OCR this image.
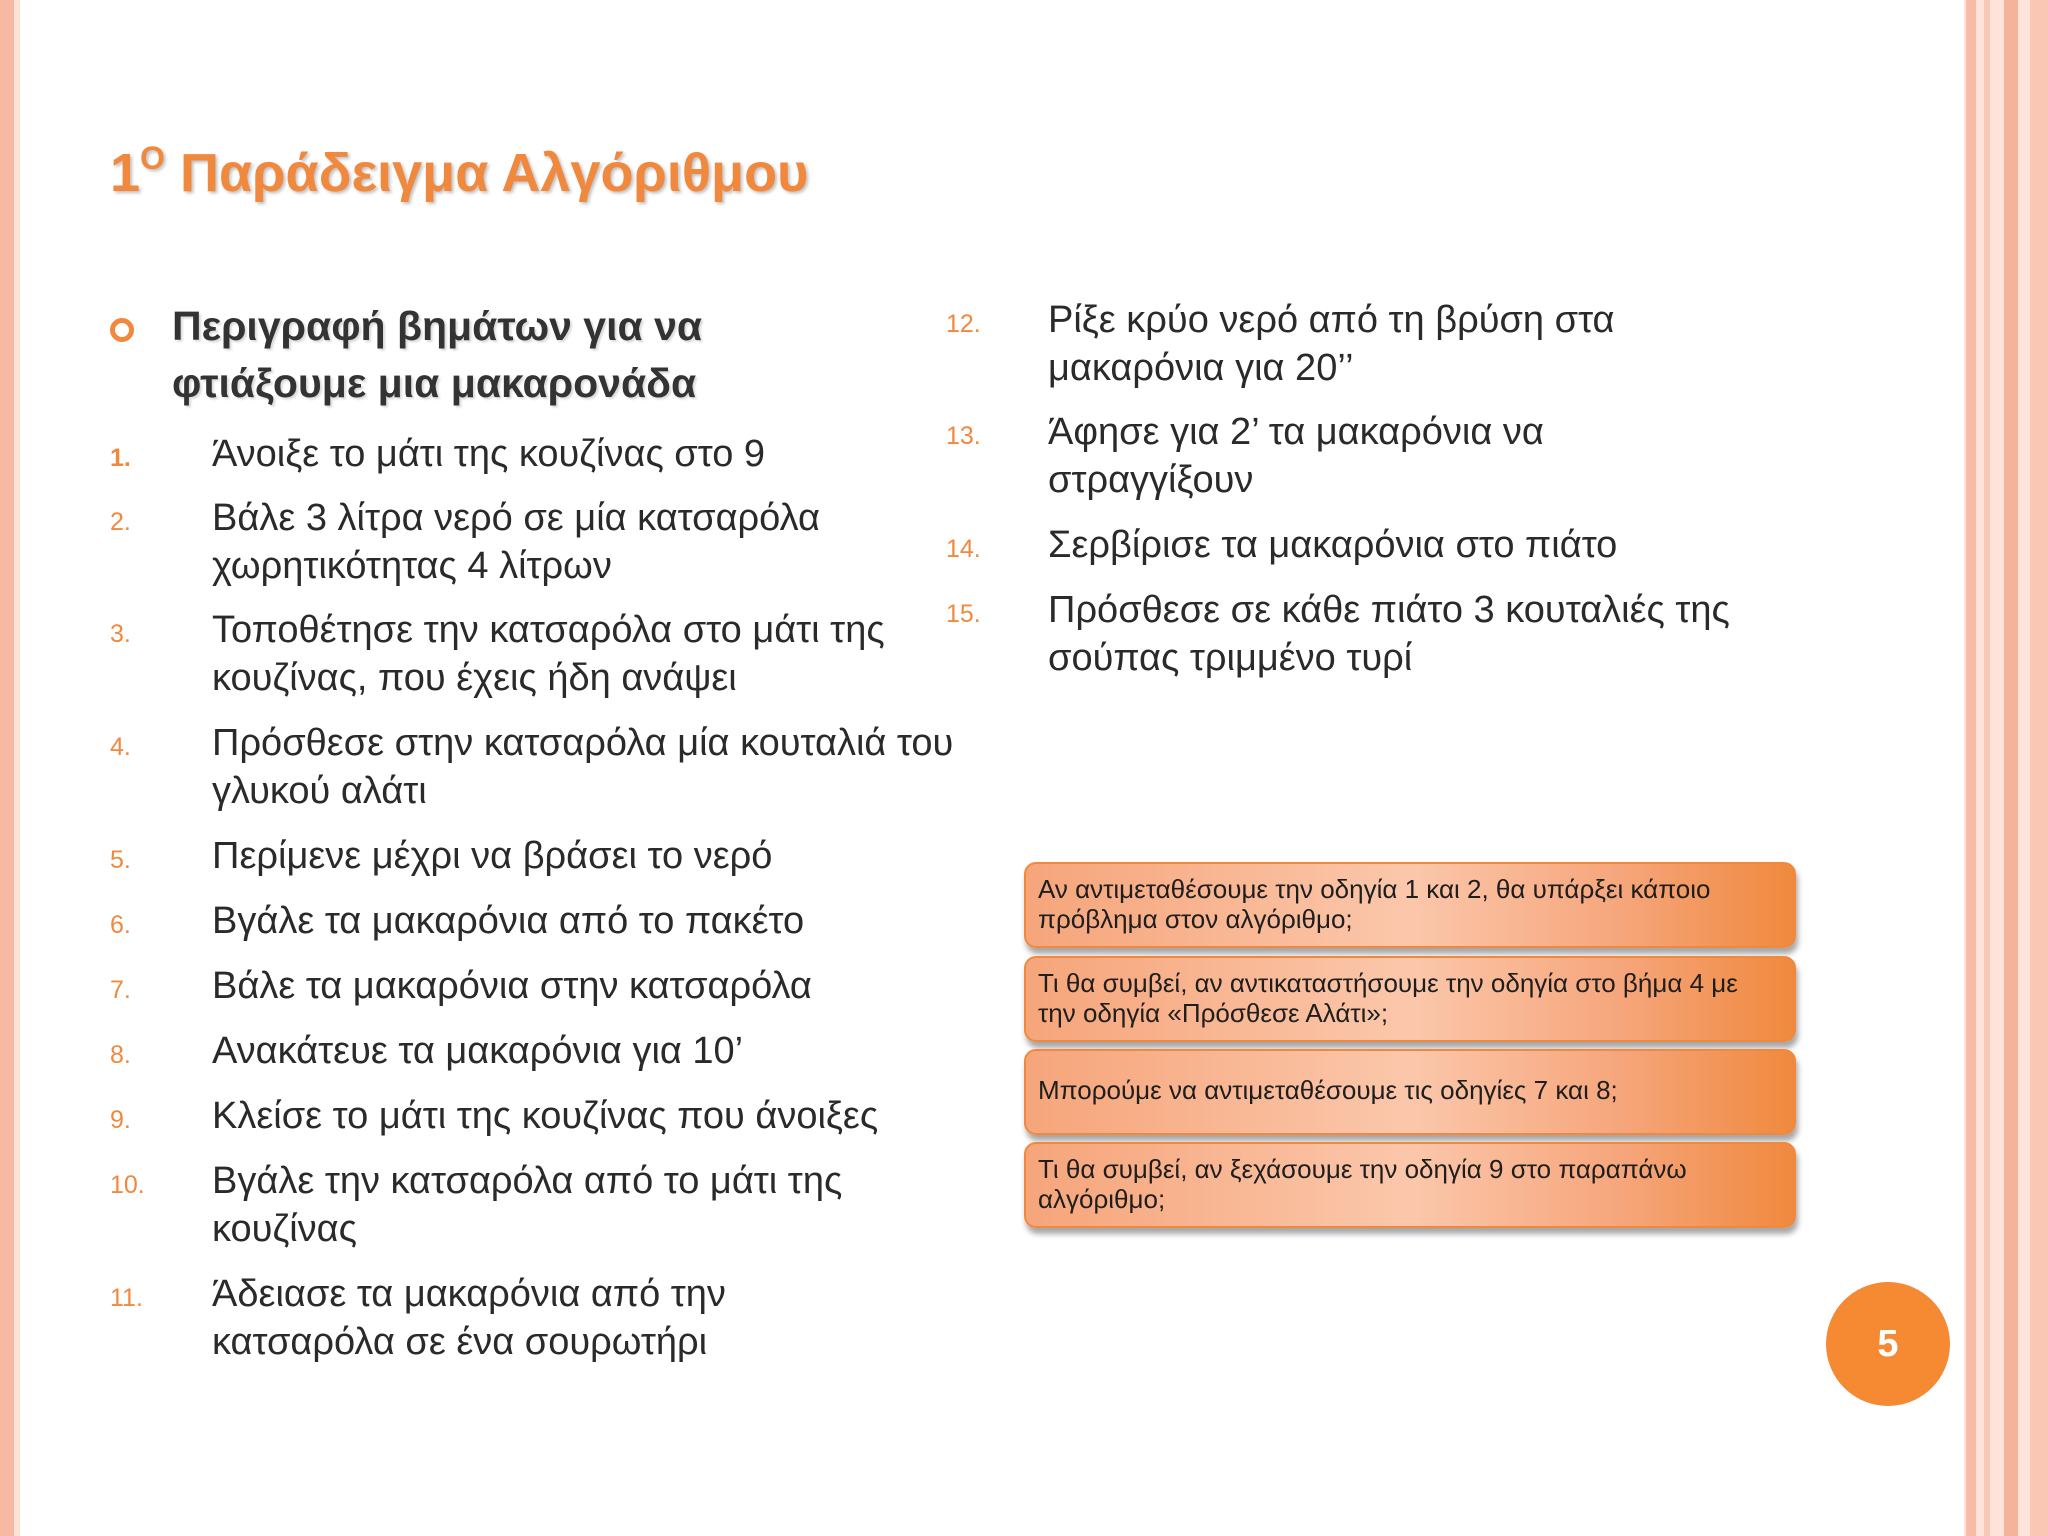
$1^O$ Παράδειγμα Αλγόριθμου
Περιγραφή βημάτων για να φτιάξουμε μια μακαρονάδα
1.	Άνοιξε το μάτι της κουζίνας στο 9
2.	Βάλε 3 λίτρα νερό σε μία κατσαρόλα χωρητικότητας 4 λίτρων
3.	Τοποθέτησε την κατσαρόλα στο μάτι της κουζίνας, που έχεις ήδη ανάψει
4.	Πρόσθεσε στην κατσαρόλα μία κουταλιά του γλυκού αλάτι
5.	Περίμενε μέχρι να βράσει το νερό
6.	Βγάλε τα μακαρόνια από το πακέτο
7.	Βάλε τα μακαρόνια στην κατσαρόλα
8.	Ανακάτευε τα μακαρόνια για 10’
9.	Κλείσε το μάτι της κουζίνας που άνοιξες
10.	Βγάλε την κατσαρόλα από το μάτι της κουζίνας
11.	Άδειασε τα μακαρόνια από την κατσαρόλα σε ένα σουρωτήρι
12.	Ρίξε κρύο νερό από τη βρύση στα μακαρόνια για 20’’
13.	Άφησε για 2’ τα μακαρόνια να στραγγίξουν
14.	Σερβίρισε τα μακαρόνια στο πιάτο
15.	Πρόσθεσε σε κάθε πιάτο 3 κουταλιές της σούπας τριμμένο τυρί
Αν αντιμεταθέσουμε την οδηγία 1 και 2, θα υπάρξει κάποιο πρόβλημα στον αλγόριθμο;
Τι θα συμβεί, αν αντικαταστήσουμε την οδηγία στο βήμα 4 με την οδηγία «Πρόσθεσε Αλάτι»;
Μπορούμε να αντιμεταθέσουμε τις οδηγίες 7 και 8;
Τι θα συμβεί, αν ξεχάσουμε την οδηγία 9 στο παραπάνω αλγόριθμο;
5
